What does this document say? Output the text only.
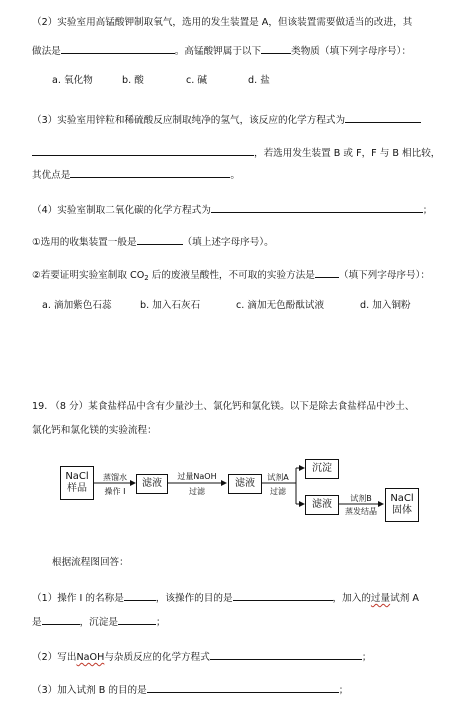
（2）实验室用高锰酸钾制取氧气，选用的发生装置是 A，但该装置需要做适当的改进，其
做法是	。高锰酸钾属于以下	类物质（填下列字母序号）：
a. 氧化物	b. 酸	c. 碱	d. 盐
（3）实验室用锌粒和稀硫酸反应制取纯净的氢气，该反应的化学方程式为
，若选用发生装置 B 或 F，F 与 B 相比较，
其优点是	。
（4）实验室制取二氧化碳的化学方程式为	；
①选用的收集装置一般是	（填上述字母序号）。
②若要证明实验室制取 $CO_2$ 后的废液呈酸性，不可取的实验方法是	（填下列字母序号）：
a. 滴加紫色石蕊	b. 加入石灰石	c. 滴加无色酚酞试液	d. 加入铜粉
19. （8 分）某食盐样品中含有少量沙土、氯化钙和氯化镁。以下是除去食盐样品中沙土、
氯化钙和氯化镁的实验流程：
NaCl
样品
蒸馏水
操作 I
滤液
过量NaOH
过滤
滤液
试剂A
过滤
沉淀
滤液
试剂B
蒸发结晶
NaCl
固体
根据流程图回答：
（1）操作 I 的名称是	，该操作的目的是	，加入的过量试剂 A
是	，沉淀是	；
（2）写出NaOH与杂质反应的化学方程式	；
（3）加入试剂 B 的目的是	；
